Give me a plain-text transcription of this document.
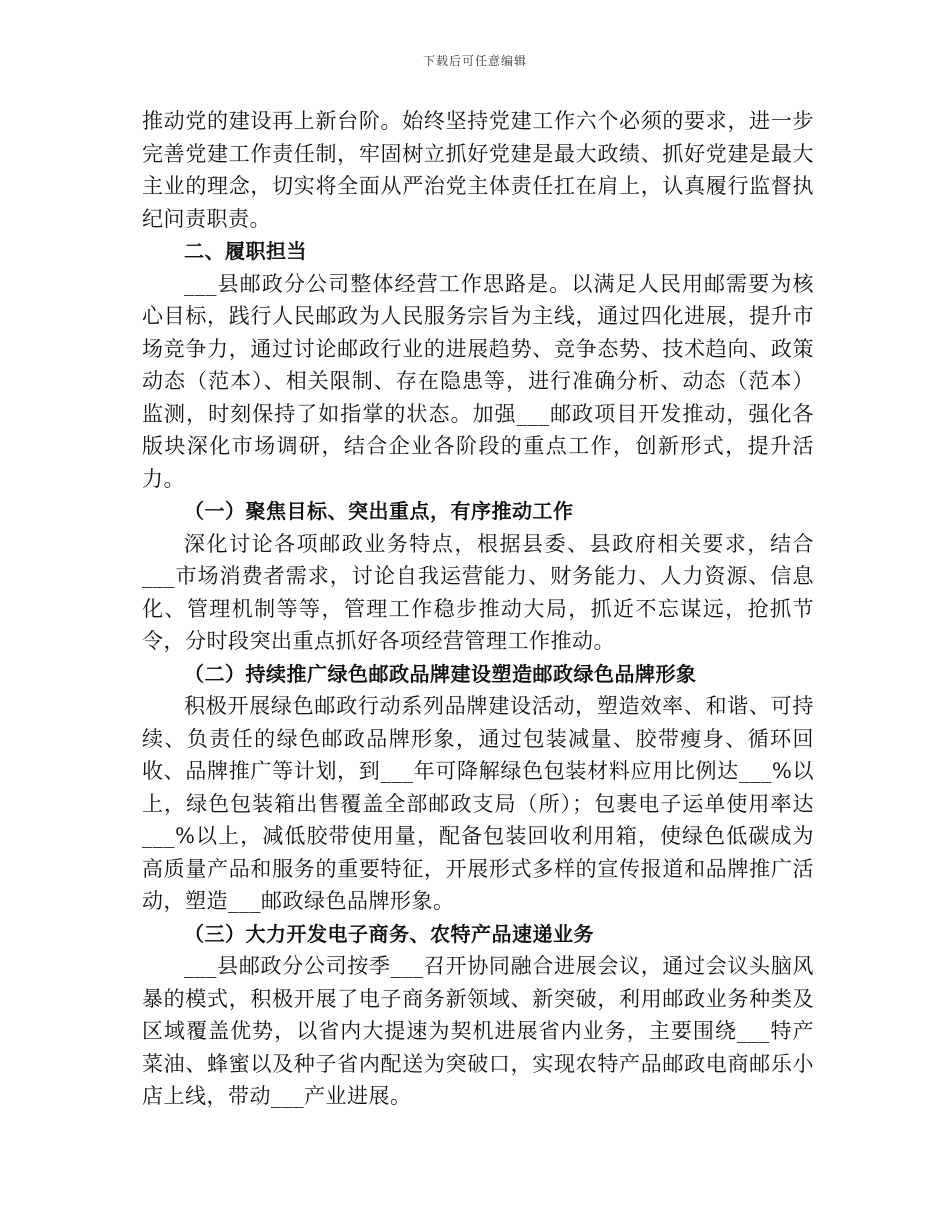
下载后可任意编辑

推动党的建设再上新台阶。始终坚持党建工作六个必须的要求，进一步完善党建工作责任制，牢固树立抓好党建是最大政绩、抓好党建是最大主业的理念，切实将全面从严治党主体责任扛在肩上，认真履行监督执纪问责职责。

二、履职担当

___县邮政分公司整体经营工作思路是。以满足人民用邮需要为核心目标，践行人民邮政为人民服务宗旨为主线，通过四化进展，提升市场竞争力，通过讨论邮政行业的进展趋势、竞争态势、技术趋向、政策动态（范本）、相关限制、存在隐患等，进行准确分析、动态（范本）监测，时刻保持了如指掌的状态。加强___邮政项目开发推动，强化各版块深化市场调研，结合企业各阶段的重点工作，创新形式，提升活力。

（一）聚焦目标、突出重点，有序推动工作

深化讨论各项邮政业务特点，根据县委、县政府相关要求，结合___市场消费者需求，讨论自我运营能力、财务能力、人力资源、信息化、管理机制等等，管理工作稳步推动大局，抓近不忘谋远，抢抓节令，分时段突出重点抓好各项经营管理工作推动。

（二）持续推广绿色邮政品牌建设塑造邮政绿色品牌形象

积极开展绿色邮政行动系列品牌建设活动，塑造效率、和谐、可持续、负责任的绿色邮政品牌形象，通过包装减量、胶带瘦身、循环回收、品牌推广等计划，到___年可降解绿色包装材料应用比例达___%以上，绿色包装箱出售覆盖全部邮政支局（所）；包裹电子运单使用率达___%以上，减低胶带使用量，配备包装回收利用箱，使绿色低碳成为高质量产品和服务的重要特征，开展形式多样的宣传报道和品牌推广活动，塑造___邮政绿色品牌形象。

（三）大力开发电子商务、农特产品速递业务

___县邮政分公司按季___召开协同融合进展会议，通过会议头脑风暴的模式，积极开展了电子商务新领域、新突破，利用邮政业务种类及区域覆盖优势，以省内大提速为契机进展省内业务，主要围绕___特产菜油、蜂蜜以及种子省内配送为突破口，实现农特产品邮政电商邮乐小店上线，带动___产业进展。
